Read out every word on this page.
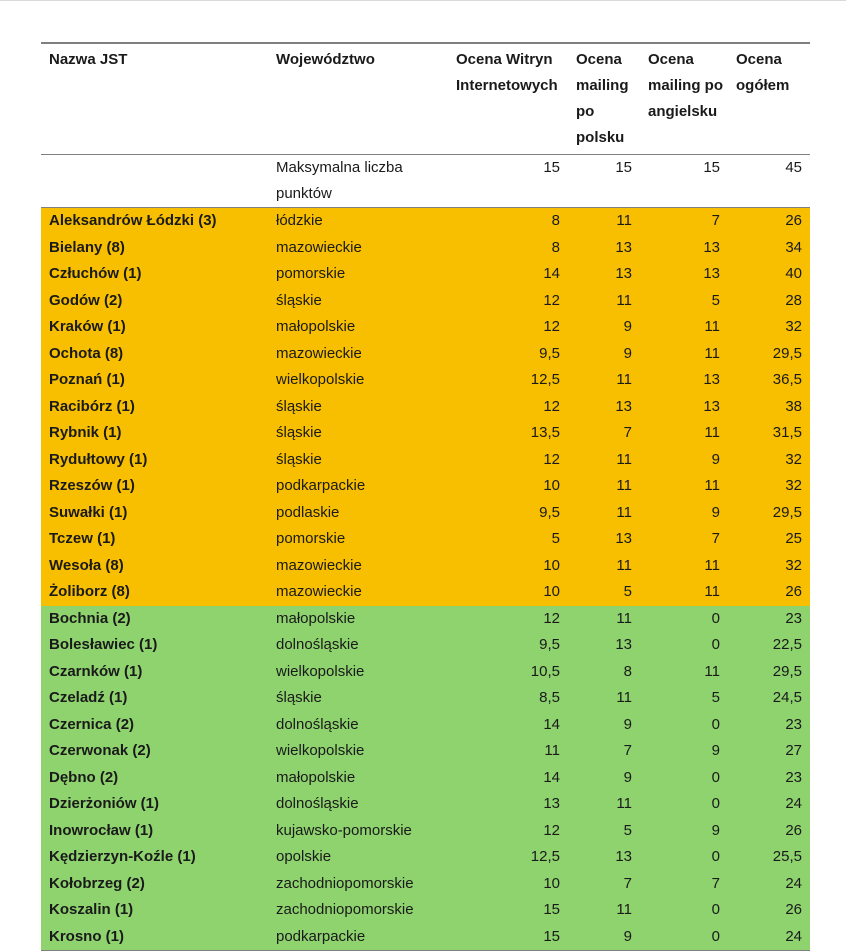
Nazwa JST	Województwo	Ocena Witryn Internetowych	Ocena mailing po polsku	Ocena mailing po angielsku	Ocena ogółem
	Maksymalna liczba punktów	15	15	15	45
Aleksandrów Łódzki (3)	łódzkie	8	11	7	26
Bielany (8)	mazowieckie	8	13	13	34
Człuchów (1)	pomorskie	14	13	13	40
Godów (2)	śląskie	12	11	5	28
Kraków (1)	małopolskie	12	9	11	32
Ochota (8)	mazowieckie	9,5	9	11	29,5
Poznań (1)	wielkopolskie	12,5	11	13	36,5
Racibórz (1)	śląskie	12	13	13	38
Rybnik (1)	śląskie	13,5	7	11	31,5
Rydułtowy (1)	śląskie	12	11	9	32
Rzeszów (1)	podkarpackie	10	11	11	32
Suwałki (1)	podlaskie	9,5	11	9	29,5
Tczew (1)	pomorskie	5	13	7	25
Wesoła (8)	mazowieckie	10	11	11	32
Żoliborz (8)	mazowieckie	10	5	11	26
Bochnia (2)	małopolskie	12	11	0	23
Bolesławiec (1)	dolnośląskie	9,5	13	0	22,5
Czarnków (1)	wielkopolskie	10,5	8	11	29,5
Czeladź (1)	śląskie	8,5	11	5	24,5
Czernica (2)	dolnośląskie	14	9	0	23
Czerwonak (2)	wielkopolskie	11	7	9	27
Dębno (2)	małopolskie	14	9	0	23
Dzierżoniów (1)	dolnośląskie	13	11	0	24
Inowrocław (1)	kujawsko-pomorskie	12	5	9	26
Kędzierzyn-Koźle (1)	opolskie	12,5	13	0	25,5
Kołobrzeg (2)	zachodniopomorskie	10	7	7	24
Koszalin (1)	zachodniopomorskie	15	11	0	26
Krosno (1)	podkarpackie	15	9	0	24
